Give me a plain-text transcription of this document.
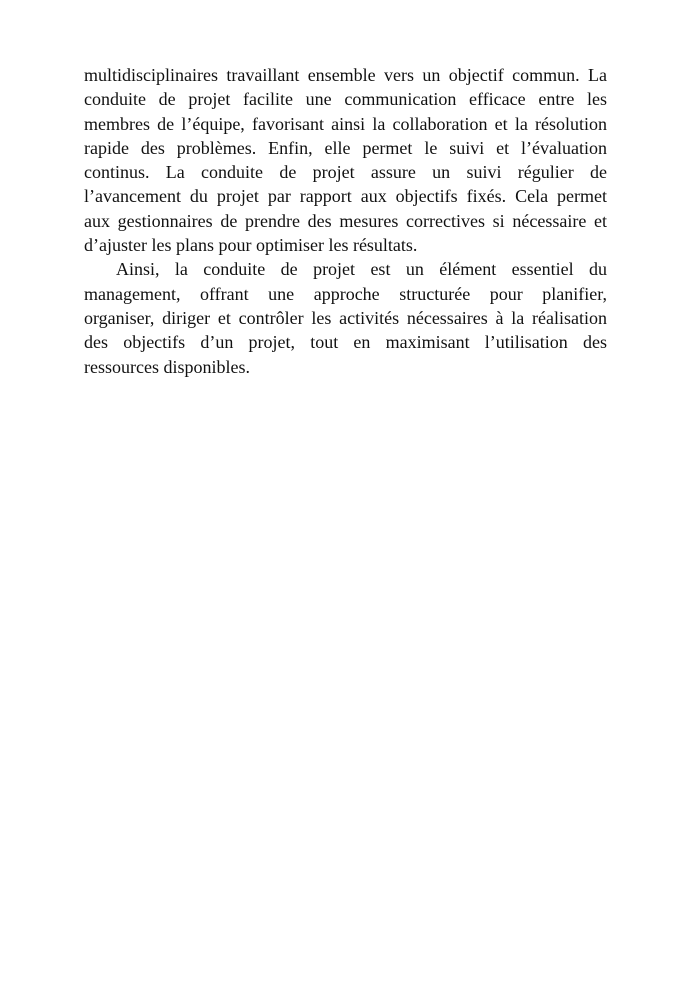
multidisciplinaires travaillant ensemble vers un objectif commun. La
conduite de projet facilite une communication efficace entre les
membres de l’équipe, favorisant ainsi la collaboration et la résolution
rapide des problèmes. Enfin, elle permet le suivi et l’évaluation
continus. La conduite de projet assure un suivi régulier de
l’avancement du projet par rapport aux objectifs fixés. Cela permet
aux gestionnaires de prendre des mesures correctives si nécessaire et
d’ajuster les plans pour optimiser les résultats.

Ainsi, la conduite de projet est un élément essentiel du
management, offrant une approche structurée pour planifier,
organiser, diriger et contrôler les activités nécessaires à la réalisation
des objectifs d’un projet, tout en maximisant l’utilisation des
ressources disponibles.
